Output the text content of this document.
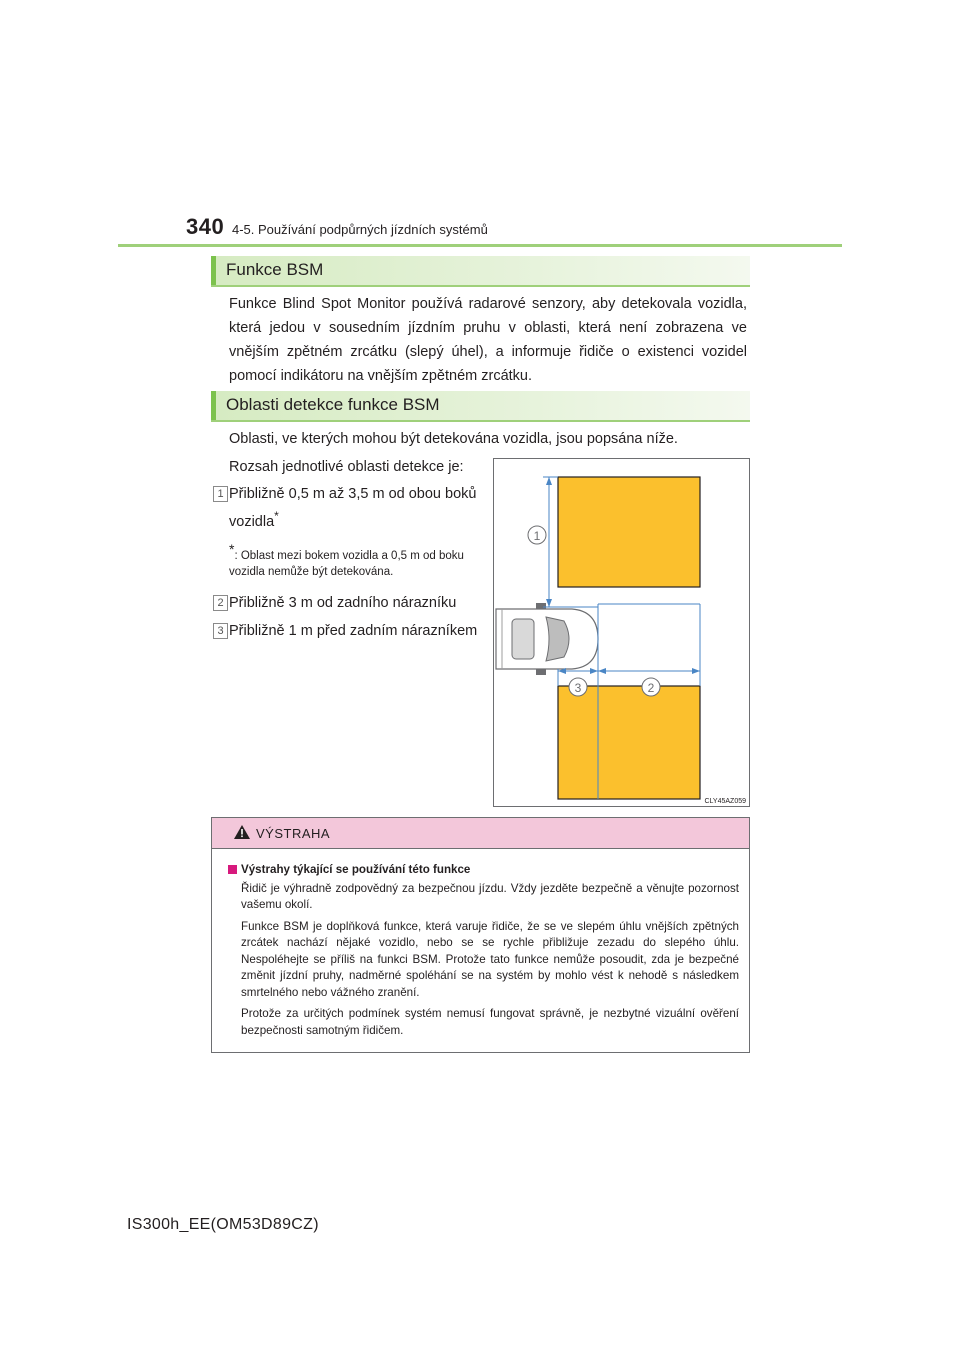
340 4-5. Používání podpůrných jízdních systémů
Funkce BSM
Funkce Blind Spot Monitor používá radarové senzory, aby detekovala vozidla, která jedou v sousedním jízdním pruhu v oblasti, která není zobrazena ve vnějším zpětném zrcátku (slepý úhel), a informuje řidiče o existenci vozidel pomocí indikátoru na vnějším zpětném zrcátku.
Oblasti detekce funkce BSM
Oblasti, ve kterých mohou být detekována vozidla, jsou popsána níže.
Rozsah jednotlivé oblasti detekce je:
1 Přibližně 0,5 m až 3,5 m od obou boků vozidla*
*: Oblast mezi bokem vozidla a 0,5 m od boku vozidla nemůže být detekována.
2 Přibližně 3 m od zadního nárazníku
3 Přibližně 1 m před zadním nárazníkem
1
3	2
CLY45AZ059
VÝSTRAHA
Výstrahy týkající se používání této funkce
Řidič je výhradně zodpovědný za bezpečnou jízdu. Vždy jezděte bezpečně a věnujte pozornost vašemu okolí.
Funkce BSM je doplňková funkce, která varuje řidiče, že se ve slepém úhlu vnějších zpětných zrcátek nachází nějaké vozidlo, nebo se se rychle přibližuje zezadu do slepého úhlu. Nespoléhejte se příliš na funkci BSM. Protože tato funkce nemůže posoudit, zda je bezpečné změnit jízdní pruhy, nadměrné spoléhání se na systém by mohlo vést k nehodě s následkem smrtelného nebo vážného zranění.
Protože za určitých podmínek systém nemusí fungovat správně, je nezbytné vizuální ověření bezpečnosti samotným řidičem.
IS300h_EE(OM53D89CZ)
